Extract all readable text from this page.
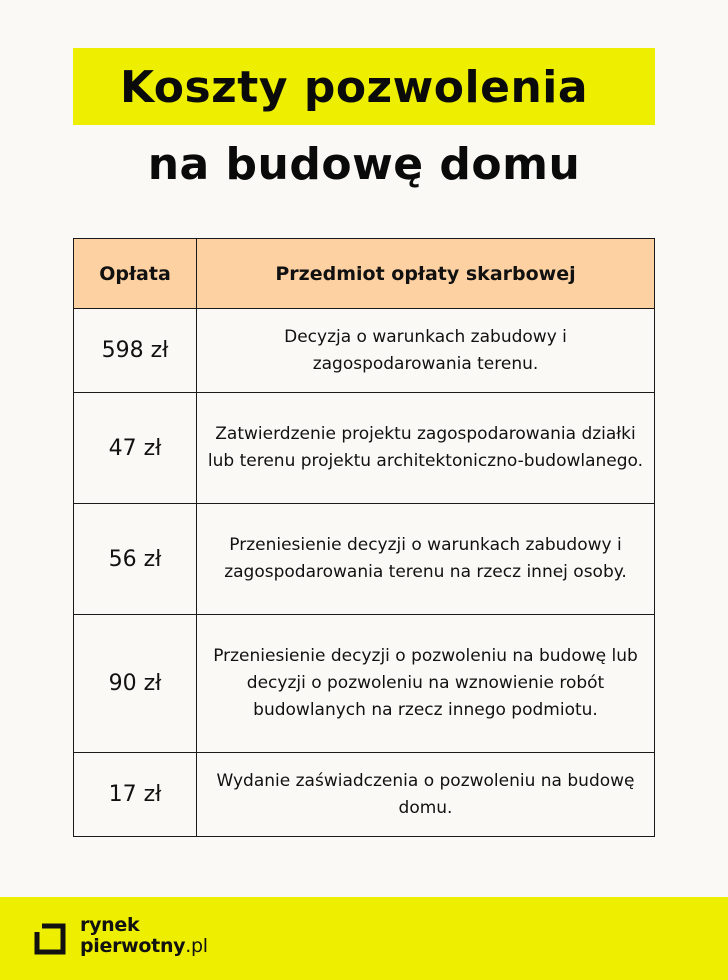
Koszty pozwolenia
na budowę domu
Opłata	Przedmiot opłaty skarbowej
598 zł	Decyzja o warunkach zabudowy i zagospodarowania terenu.
47 zł	Zatwierdzenie projektu zagospodarowania działki lub terenu projektu architektoniczno-budowlanego.
56 zł	Przeniesienie decyzji o warunkach zabudowy i zagospodarowania terenu na rzecz innej osoby.
90 zł	Przeniesienie decyzji o pozwoleniu na budowę lub decyzji o pozwoleniu na wznowienie robót budowlanych na rzecz innego podmiotu.
17 zł	Wydanie zaświadczenia o pozwoleniu na budowę domu.
rynek
pierwotny.pl
